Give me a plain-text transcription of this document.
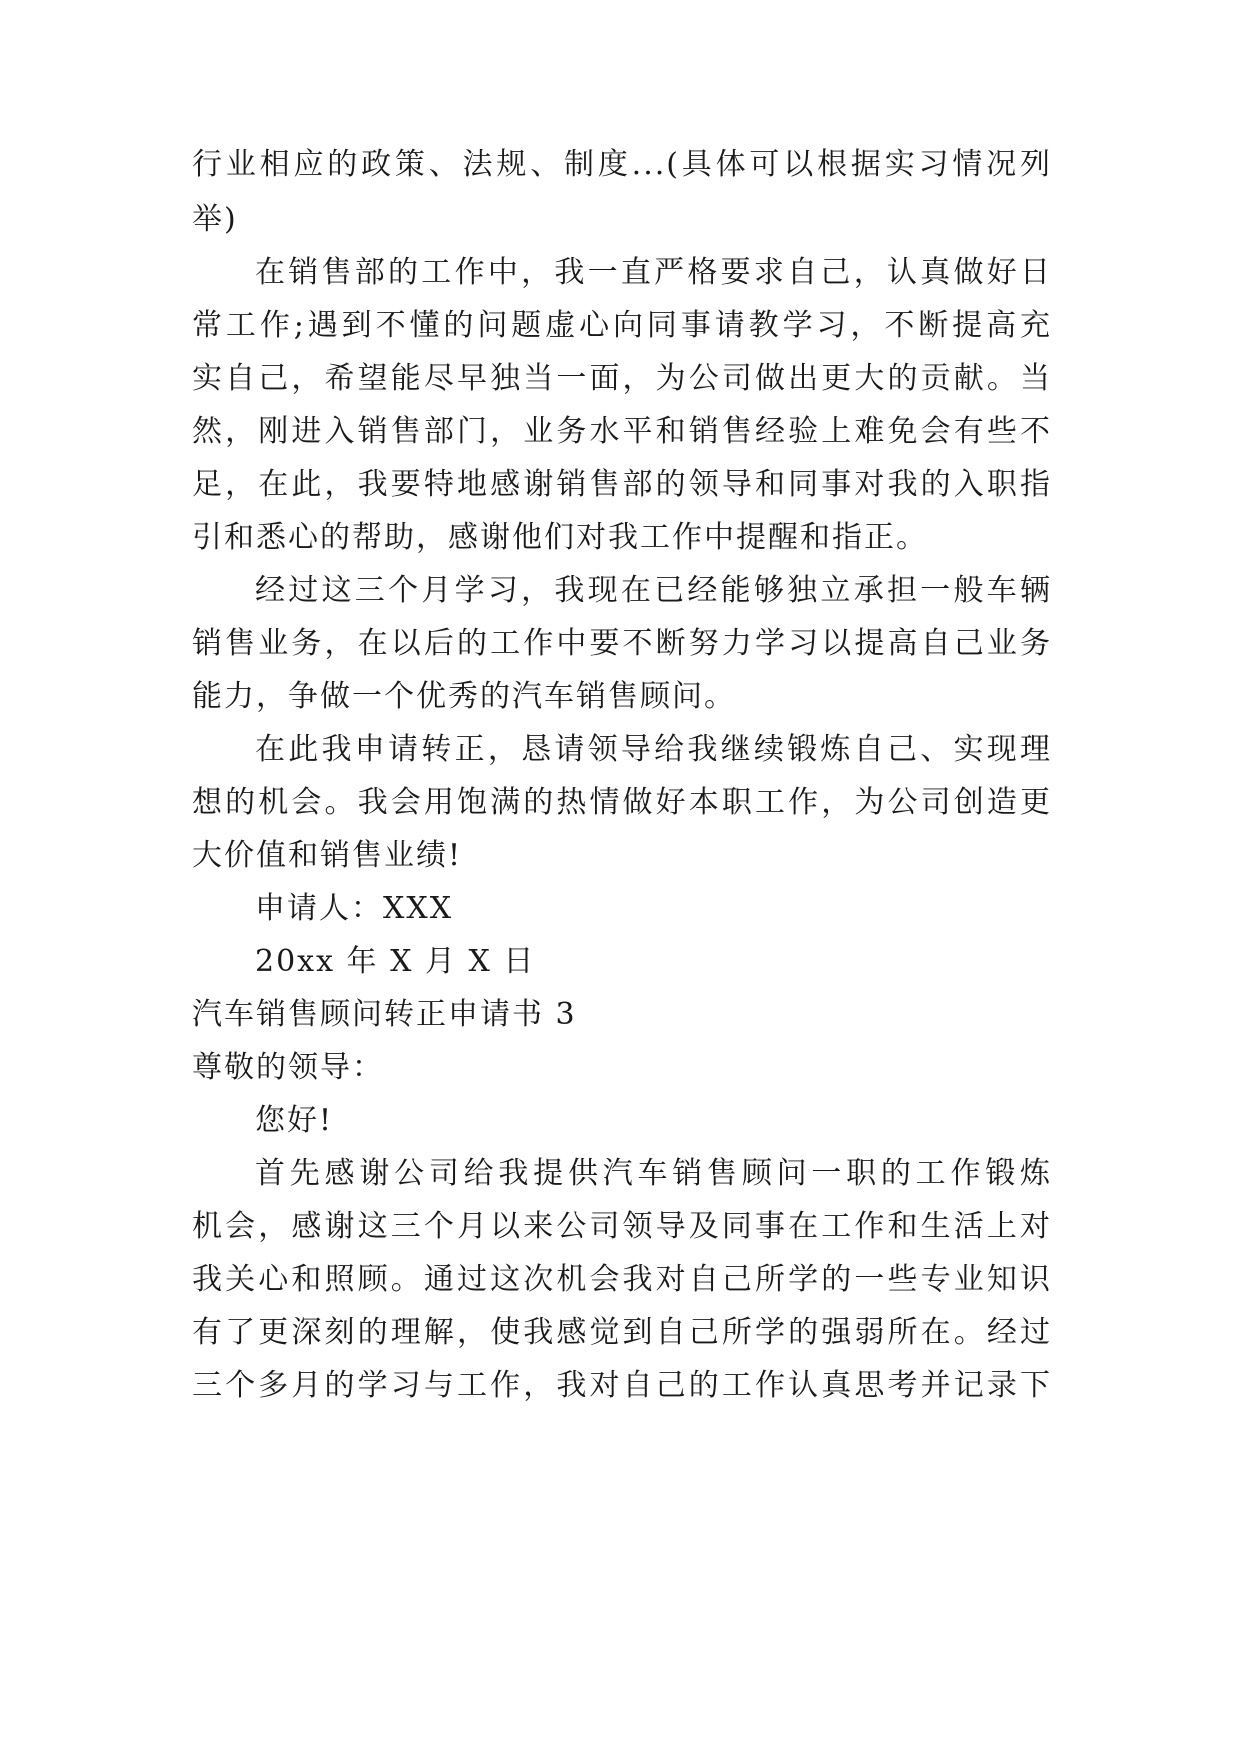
行业相应的政策、法规、制度...(具体可以根据实习情况列
举)
在销售部的工作中，我一直严格要求自己，认真做好日
常工作;遇到不懂的问题虚心向同事请教学习，不断提高充
实自己，希望能尽早独当一面，为公司做出更大的贡献。当
然，刚进入销售部门，业务水平和销售经验上难免会有些不
足，在此，我要特地感谢销售部的领导和同事对我的入职指
引和悉心的帮助，感谢他们对我工作中提醒和指正。
经过这三个月学习，我现在已经能够独立承担一般车辆
销售业务，在以后的工作中要不断努力学习以提高自己业务
能力，争做一个优秀的汽车销售顾问。
在此我申请转正，恳请领导给我继续锻炼自己、实现理
想的机会。我会用饱满的热情做好本职工作，为公司创造更
大价值和销售业绩!
申请人：XXX
20xx 年 X 月 X 日
汽车销售顾问转正申请书 3
尊敬的领导：
您好!
首先感谢公司给我提供汽车销售顾问一职的工作锻炼
机会，感谢这三个月以来公司领导及同事在工作和生活上对
我关心和照顾。通过这次机会我对自己所学的一些专业知识
有了更深刻的理解，使我感觉到自己所学的强弱所在。经过
三个多月的学习与工作，我对自己的工作认真思考并记录下
